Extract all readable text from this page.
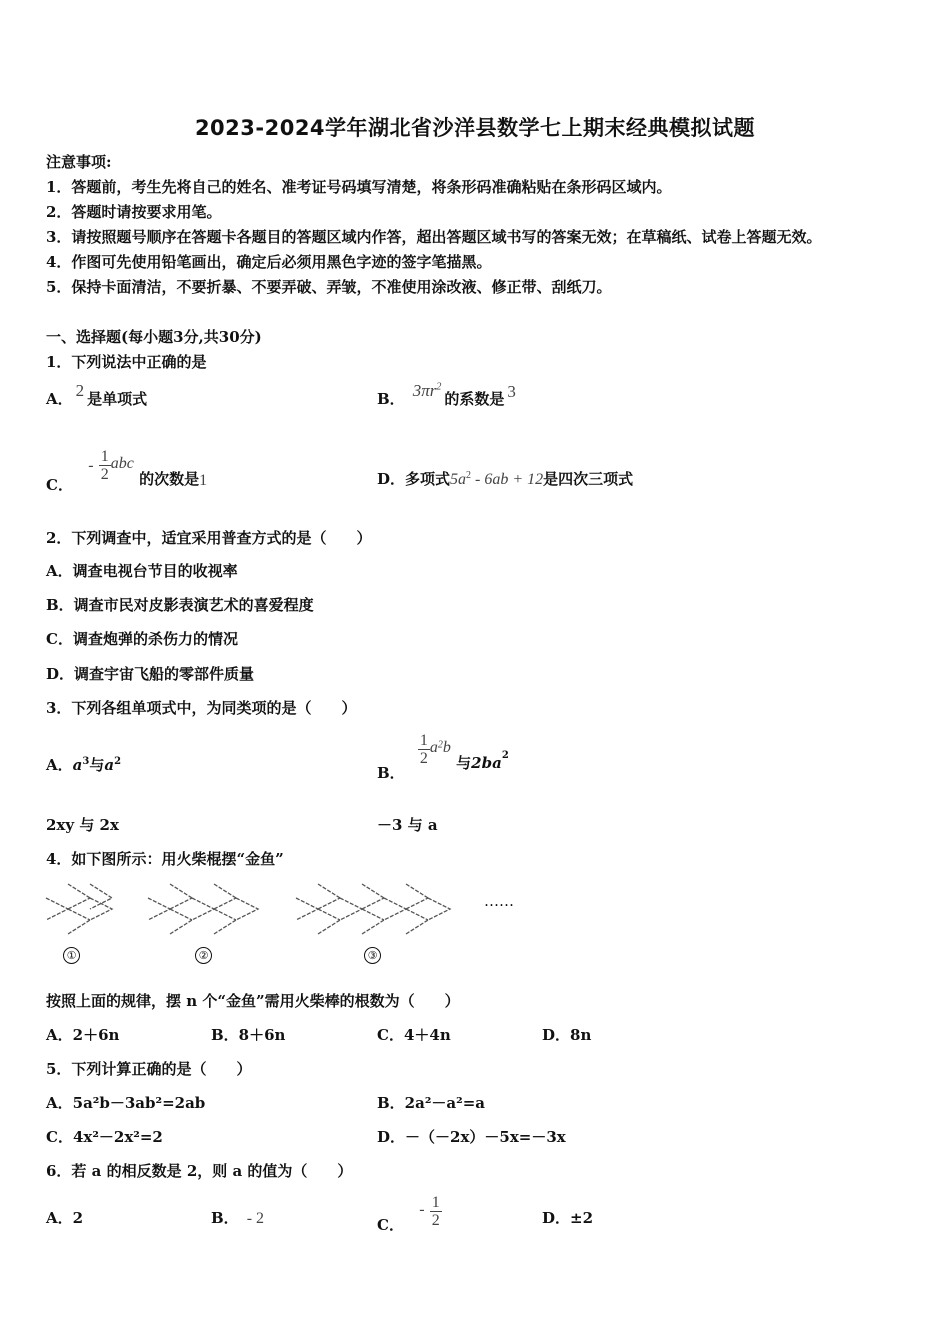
2023-2024学年湖北省沙洋县数学七上期末经典模拟试题
注意事项:
1．答题前，考生先将自己的姓名、准考证号码填写清楚，将条形码准确粘贴在条形码区域内。
2．答题时请按要求用笔。
3．请按照题号顺序在答题卡各题目的答题区域内作答，超出答题区域书写的答案无效；在草稿纸、试卷上答题无效。
4．作图可先使用铅笔画出，确定后必须用黑色字迹的签字笔描黑。
5．保持卡面清洁，不要折暴、不要弄破、弄皱，不准使用涂改液、修正带、刮纸刀。
一、选择题(每小题3分,共30分)
1．下列说法中正确的是
A． 2 是单项式	B． $3\pi r^2$的系数是 3
C． - $\frac{1}{2}$ abc 的次数是1	D．多项式$5a^2 - 6ab + 12$是四次三项式
2．下列调查中，适宜采用普查方式的是（　　）
A．调查电视台节目的收视率
B．调查市民对皮影表演艺术的喜爱程度
C．调查炮弹的杀伤力的情况
D．调查宇宙飞船的零部件质量
3．下列各组单项式中，为同类项的是（　　）
A．$a^3$与$a^2$
B．
$\frac{1}{2} a^2b$ 与$2ba^2$
2xy 与 2x	－3 与 a
4．如下图所示：用火柴棍摆“金鱼”
……
①	②	③
按照上面的规律，摆 n 个“金鱼”需用火柴棒的根数为（　　）
A．2＋6n	B．8＋6n	C．4＋4n	D．8n
5．下列计算正确的是（　　）
A．5a²b－3ab²=2ab	B．2a²－a²=a
C．4x²－2x²=2	D．－（－2x）－5x=－3x
6．若 a 的相反数是 2，则 a 的值为（　　）
A．2	B． - 2	C． - $\frac{1}{2}$	D．±2
